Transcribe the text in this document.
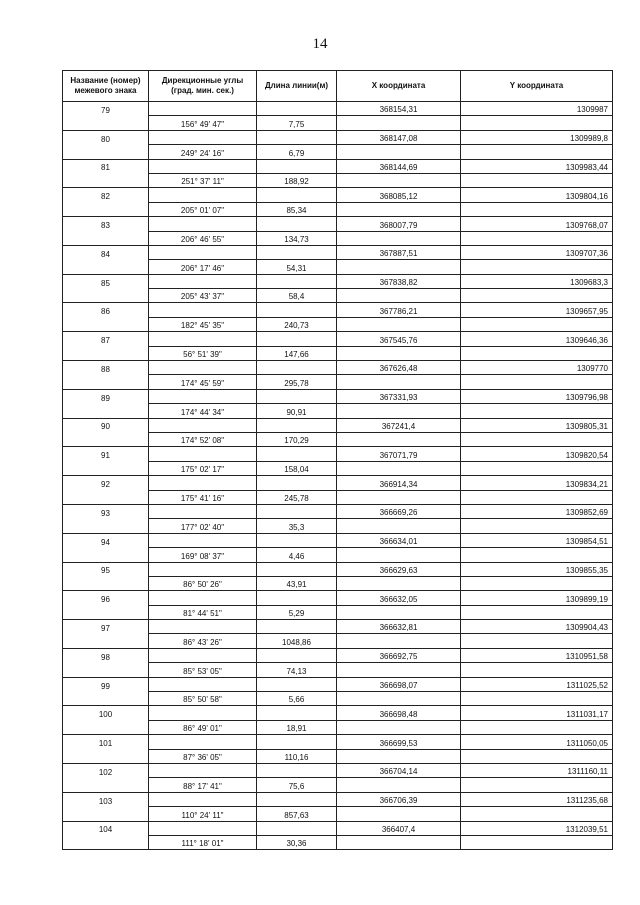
14
Название (номер) межевого знака	Дирекционные углы (град. мин. сек.)	Длина линии(м)	X координата	Y координата
79			368154,31	1309987
	156° 49' 47"	7,75		
80			368147,08	1309989,8
	249° 24' 16"	6,79		
81			368144,69	1309983,44
	251° 37' 11"	188,92		
82			368085,12	1309804,16
	205° 01' 07"	85,34		
83			368007,79	1309768,07
	206° 46' 55"	134,73		
84			367887,51	1309707,36
	206° 17' 46"	54,31		
85			367838,82	1309683,3
	205° 43' 37"	58,4		
86			367786,21	1309657,95
	182° 45' 35"	240,73		
87			367545,76	1309646,36
	56° 51' 39"	147,66		
88			367626,48	1309770
	174° 45' 59"	295,78		
89			367331,93	1309796,98
	174° 44' 34"	90,91		
90			367241,4	1309805,31
	174° 52' 08"	170,29		
91			367071,79	1309820,54
	175° 02' 17"	158,04		
92			366914,34	1309834,21
	175° 41' 16"	245,78		
93			366669,26	1309852,69
	177° 02' 40"	35,3		
94			366634,01	1309854,51
	169° 08' 37"	4,46		
95			366629,63	1309855,35
	86° 50' 26"	43,91		
96			366632,05	1309899,19
	81° 44' 51"	5,29		
97			366632,81	1309904,43
	86° 43' 26"	1048,86		
98			366692,75	1310951,58
	85° 53' 05"	74,13		
99			366698,07	1311025,52
	85° 50' 58"	5,66		
100			366698,48	1311031,17
	86° 49' 01"	18,91		
101			366699,53	1311050,05
	87° 36' 05"	110,16		
102			366704,14	1311160,11
	88° 17' 41"	75,6		
103			366706,39	1311235,68
	110° 24' 11"	857,63		
104			366407,4	1312039,51
	111° 18' 01"	30,36		
